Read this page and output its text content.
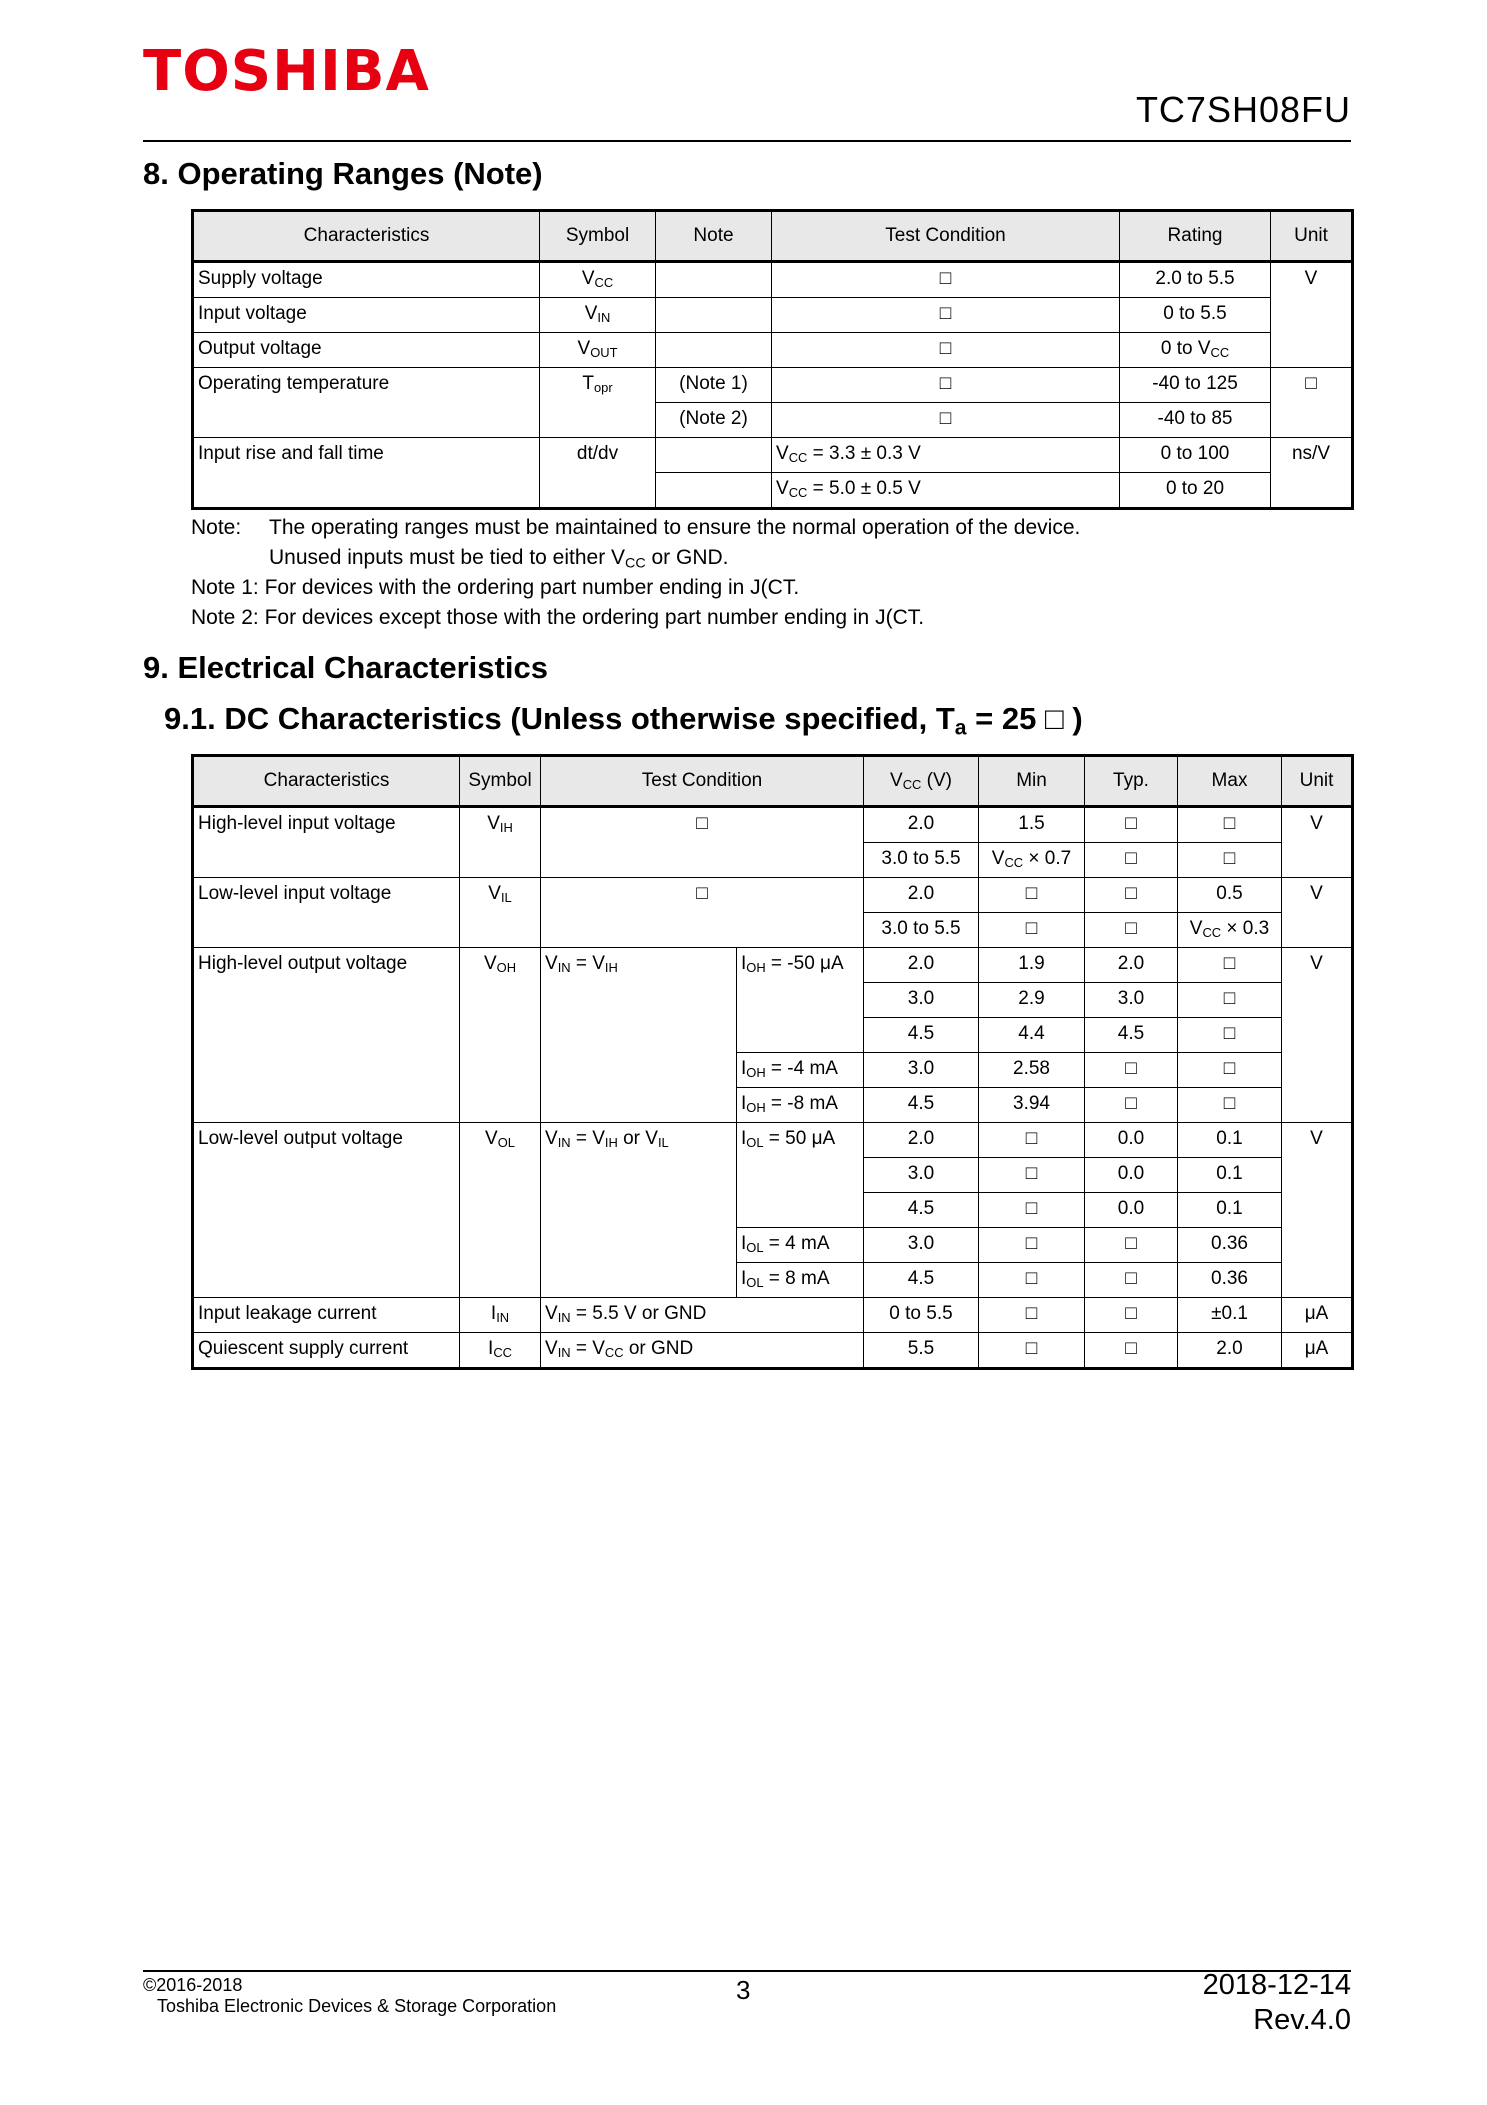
TOSHIBA
TC7SH08FU
8. Operating Ranges (Note)
Characteristics	Symbol	Note	Test Condition	Rating	Unit
Supply voltage	$V_{CC}$		□	2.0 to 5.5	V
Input voltage	$V_{IN}$		□	0 to 5.5	
Output voltage	$V_{OUT}$		□	0 to $V_{CC}$
Operating temperature	$T_{opr}$	(Note 1)	□	-40 to 125	□
		(Note 2)	□	-40 to 85	
Input rise and fall time	dt/dv		$V_{CC} = 3.3 \pm 0.3$ V	0 to 100	ns/V
			$V_{CC} = 5.0 \pm 0.5$ V	0 to 20	
Note: The operating ranges must be maintained to ensure the normal operation of the device.
Unused inputs must be tied to either $V_{CC}$ or GND.
Note 1: For devices with the ordering part number ending in J(CT.
Note 2: For devices except those with the ordering part number ending in J(CT.
9. Electrical Characteristics
9.1. DC Characteristics (Unless otherwise specified, $T_a = 25$ □ )
Characteristics	Symbol	Test Condition		$V_{CC}$ (V)	Min	Typ.	Max	Unit
High-level input voltage	$V_{IH}$	□		2.0	1.5	□	□	V
				3.0 to 5.5	$V_{CC} \times 0.7$	□	□	
Low-level input voltage	$V_{IL}$	□		2.0	□	□	0.5	V
				3.0 to 5.5	□	□	$V_{CC} \times 0.3$	
High-level output voltage	$V_{OH}$	$V_{IN} = V_{IH}$	$I_{OH} = -50$ μA	2.0	1.9	2.0	□	V
				3.0	2.9	3.0	□	
				4.5	4.4	4.5	□	
			$I_{OH} = -4$ mA	3.0	2.58	□	□	
			$I_{OH} = -8$ mA	4.5	3.94	□	□	
Low-level output voltage	$V_{OL}$	$V_{IN} = V_{IH}$ or $V_{IL}$	$I_{OL} = 50$ μA	2.0	□	0.0	0.1	V
				3.0	□	0.0	0.1	
				4.5	□	0.0	0.1	
			$I_{OL} = 4$ mA	3.0	□	□	0.36	
			$I_{OL} = 8$ mA	4.5	□	□	0.36	
Input leakage current	$I_{IN}$	$V_{IN} = 5.5$ V or GND		0 to 5.5	□	□	±0.1	μA
Quiescent supply current	$I_{CC}$	$V_{IN} = V_{CC}$ or GND		5.5	□	□	2.0	μA
©2016-2018
Toshiba Electronic Devices & Storage Corporation
3	2018-12-14
Rev.4.0
